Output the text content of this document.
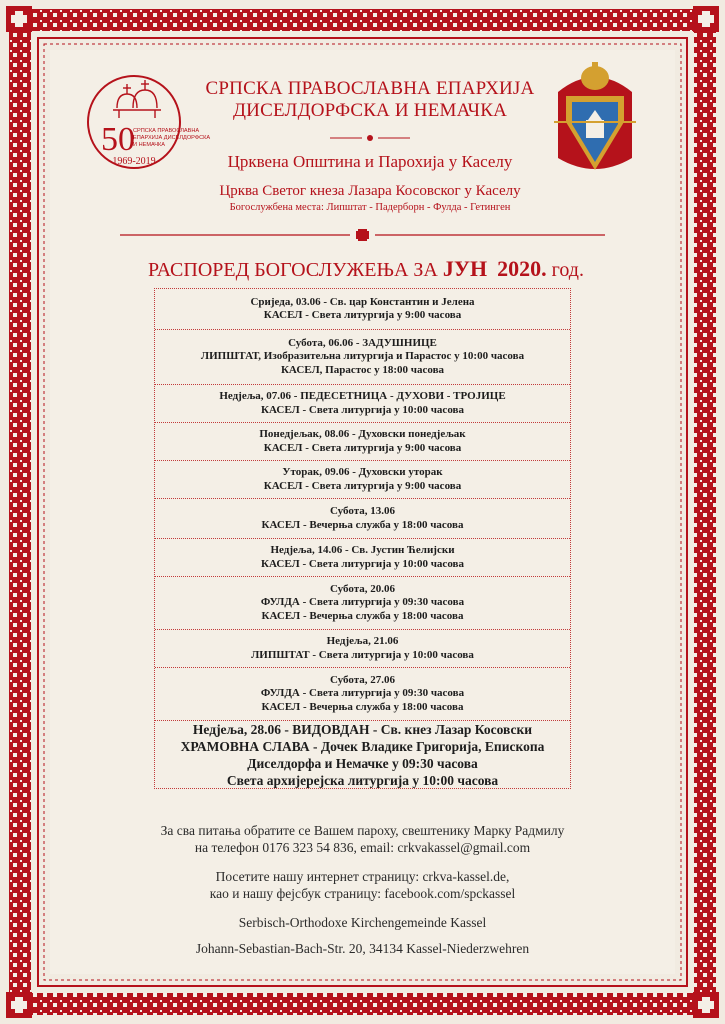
50
СРПСКА ПРАВОСЛАВНА
ЕПАРХИЈА ДИСЕЛДОРФСКА
И НЕМАЧКА
1969-2019
СРПСКА ПРАВОСЛАВНА ЕПАРХИЈА
ДИСЕЛДОРФСКА И НЕМАЧКА
Црквена Општина и Парохија у Каселу
Црква Светог кнеза Лазара Косовског у Каселу
Богослужбена места: Липштат - Падерборн - Фулда - Гетинген
РАСПОРЕД БОГОСЛУЖЕЊА ЗА ЈУН 2020. год.
Сриједа, 03.06 - Св. цар Константин и Јелена
КАСЕЛ - Света литургија у 9:00 часова
Субота, 06.06 - ЗАДУШНИЦЕ
ЛИПШТАТ, Изобразитељна литургија и Парастос у 10:00 часова
КАСЕЛ, Парастос у 18:00 часова
Недјеља, 07.06 - ПЕДЕСЕТНИЦА - ДУХОВИ - ТРОЈИЦЕ
КАСЕЛ - Света литургија у 10:00 часова
Понедјељак, 08.06 - Духовски понедјељак
КАСЕЛ - Света литургија у 9:00 часова
Уторак, 09.06 - Духовски уторак
КАСЕЛ - Света литургија у 9:00 часова
Субота, 13.06
КАСЕЛ - Вечерња служба у 18:00 часова
Недјеља, 14.06 - Св. Јустин Ћелијски
КАСЕЛ - Света литургија у 10:00 часова
Субота, 20.06
ФУЛДА - Света литургија у 09:30 часова
КАСЕЛ - Вечерња служба у 18:00 часова
Недјеља, 21.06
ЛИПШТАТ - Света литургија у 10:00 часова
Субота, 27.06
ФУЛДА - Света литургија у 09:30 часова
КАСЕЛ - Вечерња служба у 18:00 часова
Недјеља, 28.06 - ВИДОВДАН - Св. кнез Лазар Косовски
ХРАМОВНА СЛАВА - Дочек Владике Григорија, Епископа
Диселдорфа и Немачке у 09:30 часова
Света архијерејска литургија у 10:00 часова
За сва питања обратите се Вашем пароху, свештенику Марку Радмилу
на телефон 0176 323 54 836, email: crkvakassel@gmail.com
Посетите нашу интернет страницу: crkva-kassel.de,
као и нашу фејсбук страницу: facebook.com/spckassel
Serbisch-Orthodoxe Kirchengemeinde Kassel
Johann-Sebastian-Bach-Str. 20, 34134 Kassel-Niederzwehren
